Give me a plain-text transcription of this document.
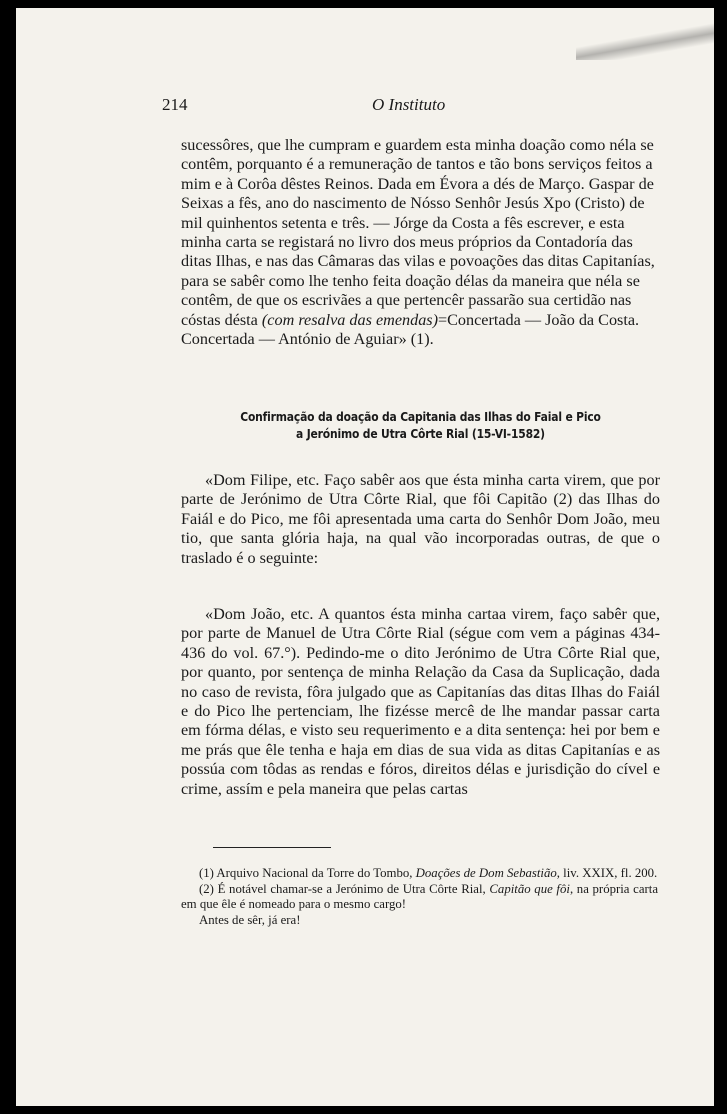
214	O Instituto

sucessôres, que lhe cumpram e guardem esta minha doação como néla se contêm, porquanto é a remuneração de tantos e tão bons serviços feitos a mim e à Corôa dêstes Reinos. Dada em Évora a dés de Março. Gaspar de Seixas a fês, ano do nascimento de Nósso Senhôr Jesús Xpo (Cristo) de mil quinhentos setenta e três. — Jórge da Costa a fês escrever, e esta minha carta se registará no livro dos meus próprios da Contadoría das ditas Ilhas, e nas das Câmaras das vilas e povoações das ditas Capitanías, para se sabêr como lhe tenho feita doação délas da maneira que néla se contêm, de que os escrivães a que pertencêr passarão sua certidão nas cóstas désta (com resalva das emendas)=Concertada — João da Costa. Concertada — António de Aguiar» (1).

Confirmação da doação da Capitania das Ilhas do Faial e Pico
a Jerónimo de Utra Côrte Rial (15-VI-1582)

«Dom Filipe, etc. Faço sabêr aos que ésta minha carta virem, que por parte de Jerónimo de Utra Côrte Rial, que fôi Capitão (2) das Ilhas do Faiál e do Pico, me fôi apresentada uma carta do Senhôr Dom João, meu tio, que santa glória haja, na qual vão incorporadas outras, de que o traslado é o seguinte:

«Dom João, etc. A quantos ésta minha cartaa virem, faço sabêr que, por parte de Manuel de Utra Côrte Rial (ségue com vem a páginas 434-436 do vol. 67.°). Pedindo-me o dito Jerónimo de Utra Côrte Rial que, por quanto, por sentença de minha Relação da Casa da Suplicação, dada no caso de revista, fôra julgado que as Capitanías das ditas Ilhas do Faiál e do Pico lhe pertenciam, lhe fizésse mercê de lhe mandar passar carta em fórma délas, e visto seu requerimento e a dita sentença: hei por bem e me prás que êle tenha e haja em dias de sua vida as ditas Capitanías e as possúa com tôdas as rendas e fóros, direitos délas e jurisdição do cível e crime, assím e pela maneira que pelas cartas

(1) Arquivo Nacional da Torre do Tombo, Doações de Dom Sebastião, liv. XXIX, fl. 200.

(2) É notável chamar-se a Jerónimo de Utra Côrte Rial, Capitão que fôi, na própria carta em que êle é nomeado para o mesmo cargo!

Antes de sêr, já era!
